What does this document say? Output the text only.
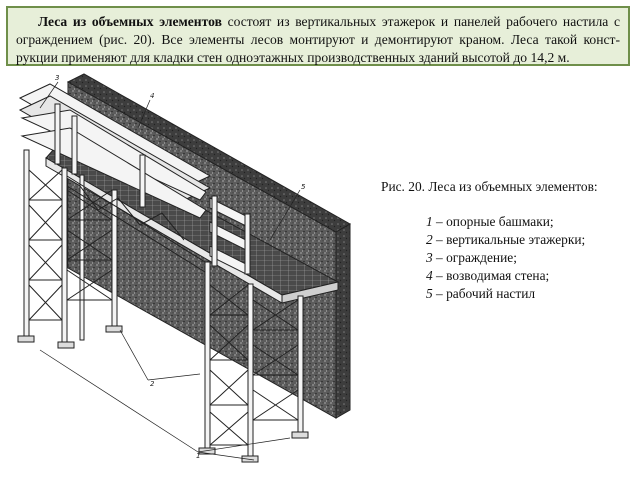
Леса из объемных элементов состоят из вертикальных этажерок и панелей рабочего настила с ограждением (рис. 20). Все элементы лесов монтируют и демонтируют краном. Леса такой конст-рукции применяют для кладки стен одноэтажных производственных зданий высотой до 14,2 м.
3
4
5
2
1
Рис. 20. Леса из объемных элементов:
1 – опорные башмаки;
2 – вертикальные этажерки;
3 – ограждение;
4 – возводимая стена;
5 – рабочий настил
